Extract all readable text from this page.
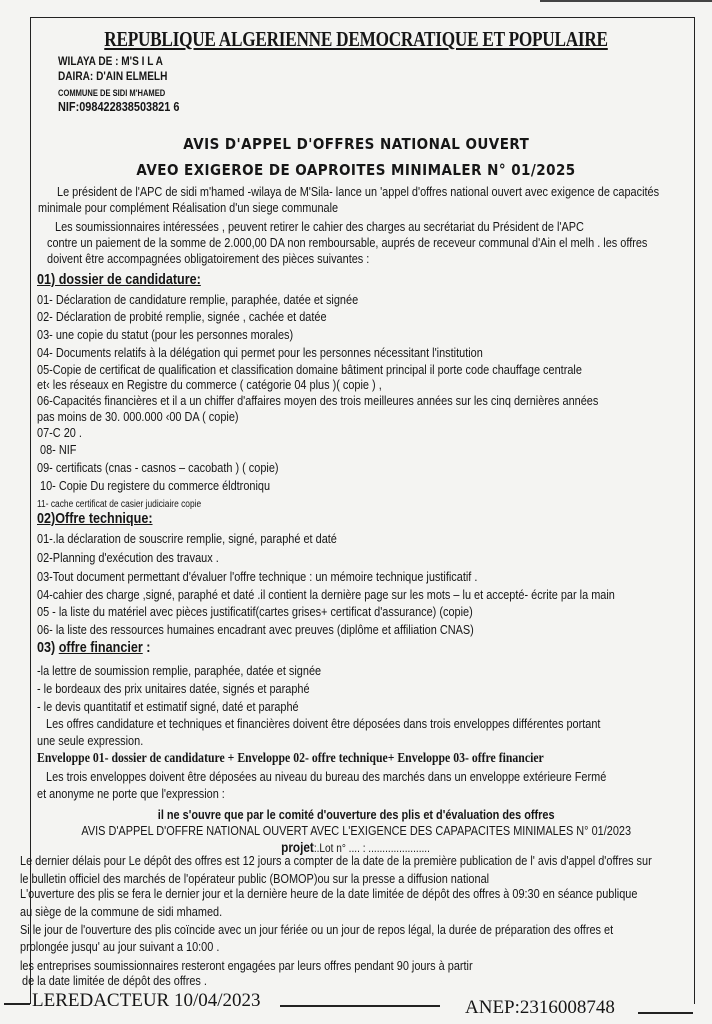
REPUBLIQUE ALGERIENNE DEMOCRATIQUE ET POPULAIRE
WILAYA DE : M'S I L A
DAIRA: D'AIN ELMELH
COMMUNE DE SIDI M'HAMED
NIF:098422838503821 6
AVIS D'APPEL D'OFFRES NATIONAL OUVERT
AVEO EXIGEROE DE OAPROITES MINIMALER N° 01/2025
Le président de l'APC de sidi m'hamed -wilaya de M'Sila- lance un 'appel d'offres national ouvert avec exigence de capacités
minimale pour complément Réalisation d'un siege communale
Les soumissionnaires intéressées , peuvent retirer le cahier des charges au secrétariat du Président de l'APC
contre un paiement de la somme de 2.000,00 DA non remboursable, auprés de receveur communal d'Ain el melh . les offres
doivent être accompagnées obligatoirement des pièces suivantes :
01) dossier de candidature:
01- Déclaration de candidature remplie, paraphée, datée et signée
02- Déclaration de probité remplie, signée , cachée et datée
03- une copie du statut (pour les personnes morales)
04- Documents relatifs à la délégation qui permet pour les personnes nécessitant l'institution
05-Copie de certificat de qualification et classification domaine bâtiment principal il porte code chauffage centrale
et‹ les réseaux en Registre du commerce ( catégorie 04 plus )( copie ) ,
06-Capacités financières et il a un chiffer d'affaires moyen des trois meilleures années sur les cinq dernières années
pas moins de 30. 000.000 ‹00 DA ( copie)
07-C 20 .
08- NIF
09- certificats (cnas - casnos – cacobath ) ( copie)
10- Copie Du registere du commerce éldtroniqu
11- cache certificat de casier judiciaire copie
02)Offre technique:
01-.la déclaration de souscrire remplie, signé, paraphé et daté
02-Planning d'exécution des travaux .
03-Tout document permettant d'évaluer l'offre technique : un mémoire technique justificatif .
04-cahier des charge ,signé, paraphé et daté .il contient la dernière page sur les mots – lu et accepté- écrite par la main
05 - la liste du matériel avec pièces justificatif(cartes grises+ certificat d'assurance) (copie)
06- la liste des ressources humaines encadrant avec preuves (diplôme et affiliation CNAS)
03) offre financier :
-la lettre de soumission remplie, paraphée, datée et signée
- le bordeaux des prix unitaires datée, signés et paraphé
- le devis quantitatif et estimatif signé, daté et paraphé
Les offres candidature et techniques et financières doivent être déposées dans trois enveloppes différentes portant
une seule expression.
Enveloppe 01- dossier de candidature + Enveloppe 02- offre technique+ Enveloppe 03- offre financier
Les trois enveloppes doivent être déposées au niveau du bureau des marchés dans un enveloppe extérieure Fermé
et anonyme ne porte que l'expression :
il ne s'ouvre que par le comité d'ouverture des plis et d'évaluation des offres
AVIS D'APPEL D'OFFRE NATIONAL OUVERT AVEC L'EXIGENCE DES CAPAPACITES MINIMALES N° 01/2023
projet:.Lot n° .... : ......................
Le dernier délais pour Le dépôt des offres est 12 jours a compter de la date de la première publication de l' avis d'appel d'offres sur
le bulletin officiel des marchés de l'opérateur public (BOMOP)ou sur la presse a diffusion national
L'ouverture des plis se fera le dernier jour et la dernière heure de la date limitée de dépôt des offres à 09:30 en séance publique
au siège de la commune de sidi mhamed.
Si le jour de l'ouverture des plis coïncide avec un jour fériée ou un jour de repos légal, la durée de préparation des offres et
prolongée jusqu' au jour suivant a 10:00 .
les entreprises soumissionnaires resteront engagées par leurs offres pendant 90 jours à partir
de la date limitée de dépôt des offres .
LEREDACTEUR 10/04/2023	ANEP:2316008748
